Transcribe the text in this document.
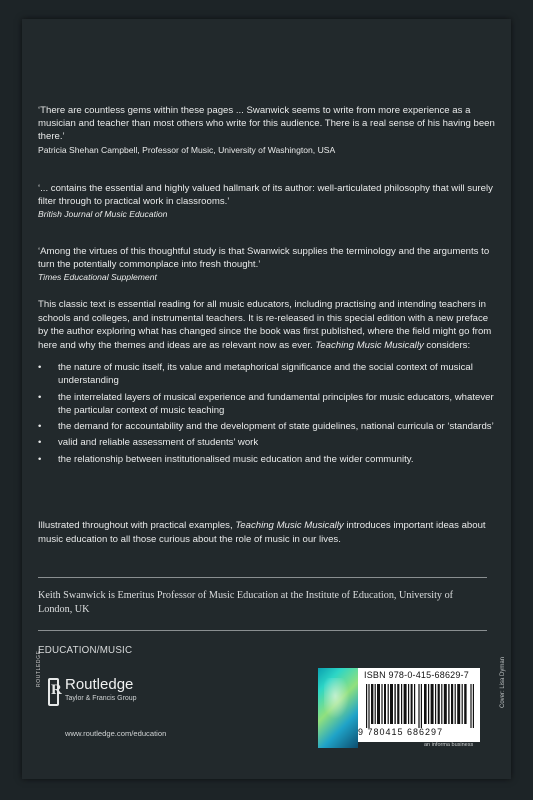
‘There are countless gems within these pages ... Swanwick seems to write from more experience as a musician and teacher than most others who write for this audience. There is a real sense of his having been there.’

Patricia Shehan Campbell, Professor of Music, University of Washington, USA

‘... contains the essential and highly valued hallmark of its author: well-articulated philosophy that will surely filter through to practical work in classrooms.’

British Journal of Music Education

‘Among the virtues of this thoughtful study is that Swanwick supplies the terminology and the arguments to turn the potentially commonplace into fresh thought.’

Times Educational Supplement

This classic text is essential reading for all music educators, including practising and intending teachers in schools and colleges, and instrumental teachers. It is re-released in this special edition with a new preface by the author exploring what has changed since the book was first published, where the field might go from here and why the themes and ideas are as relevant now as ever. Teaching Music Musically considers:

• the nature of music itself, its value and metaphorical significance and the social context of musical understanding
• the interrelated layers of musical experience and fundamental principles for music educators, whatever the particular context of music teaching
• the demand for accountability and the development of state guidelines, national curricula or ‘standards’
• valid and reliable assessment of students’ work
• the relationship between institutionalised music education and the wider community.

Illustrated throughout with practical examples, Teaching Music Musically introduces important ideas about music education to all those curious about the role of music in our lives.

Keith Swanwick is Emeritus Professor of Music Education at the Institute of Education, University of London, UK

EDUCATION/MUSIC
R
ROUTLEDGE Routledge
Taylor & Francis Group
www.routledge.com/education
ISBN 978-0-415-68629-7
9 780415 686297
an informa business
Cover: Lisa Dyman
